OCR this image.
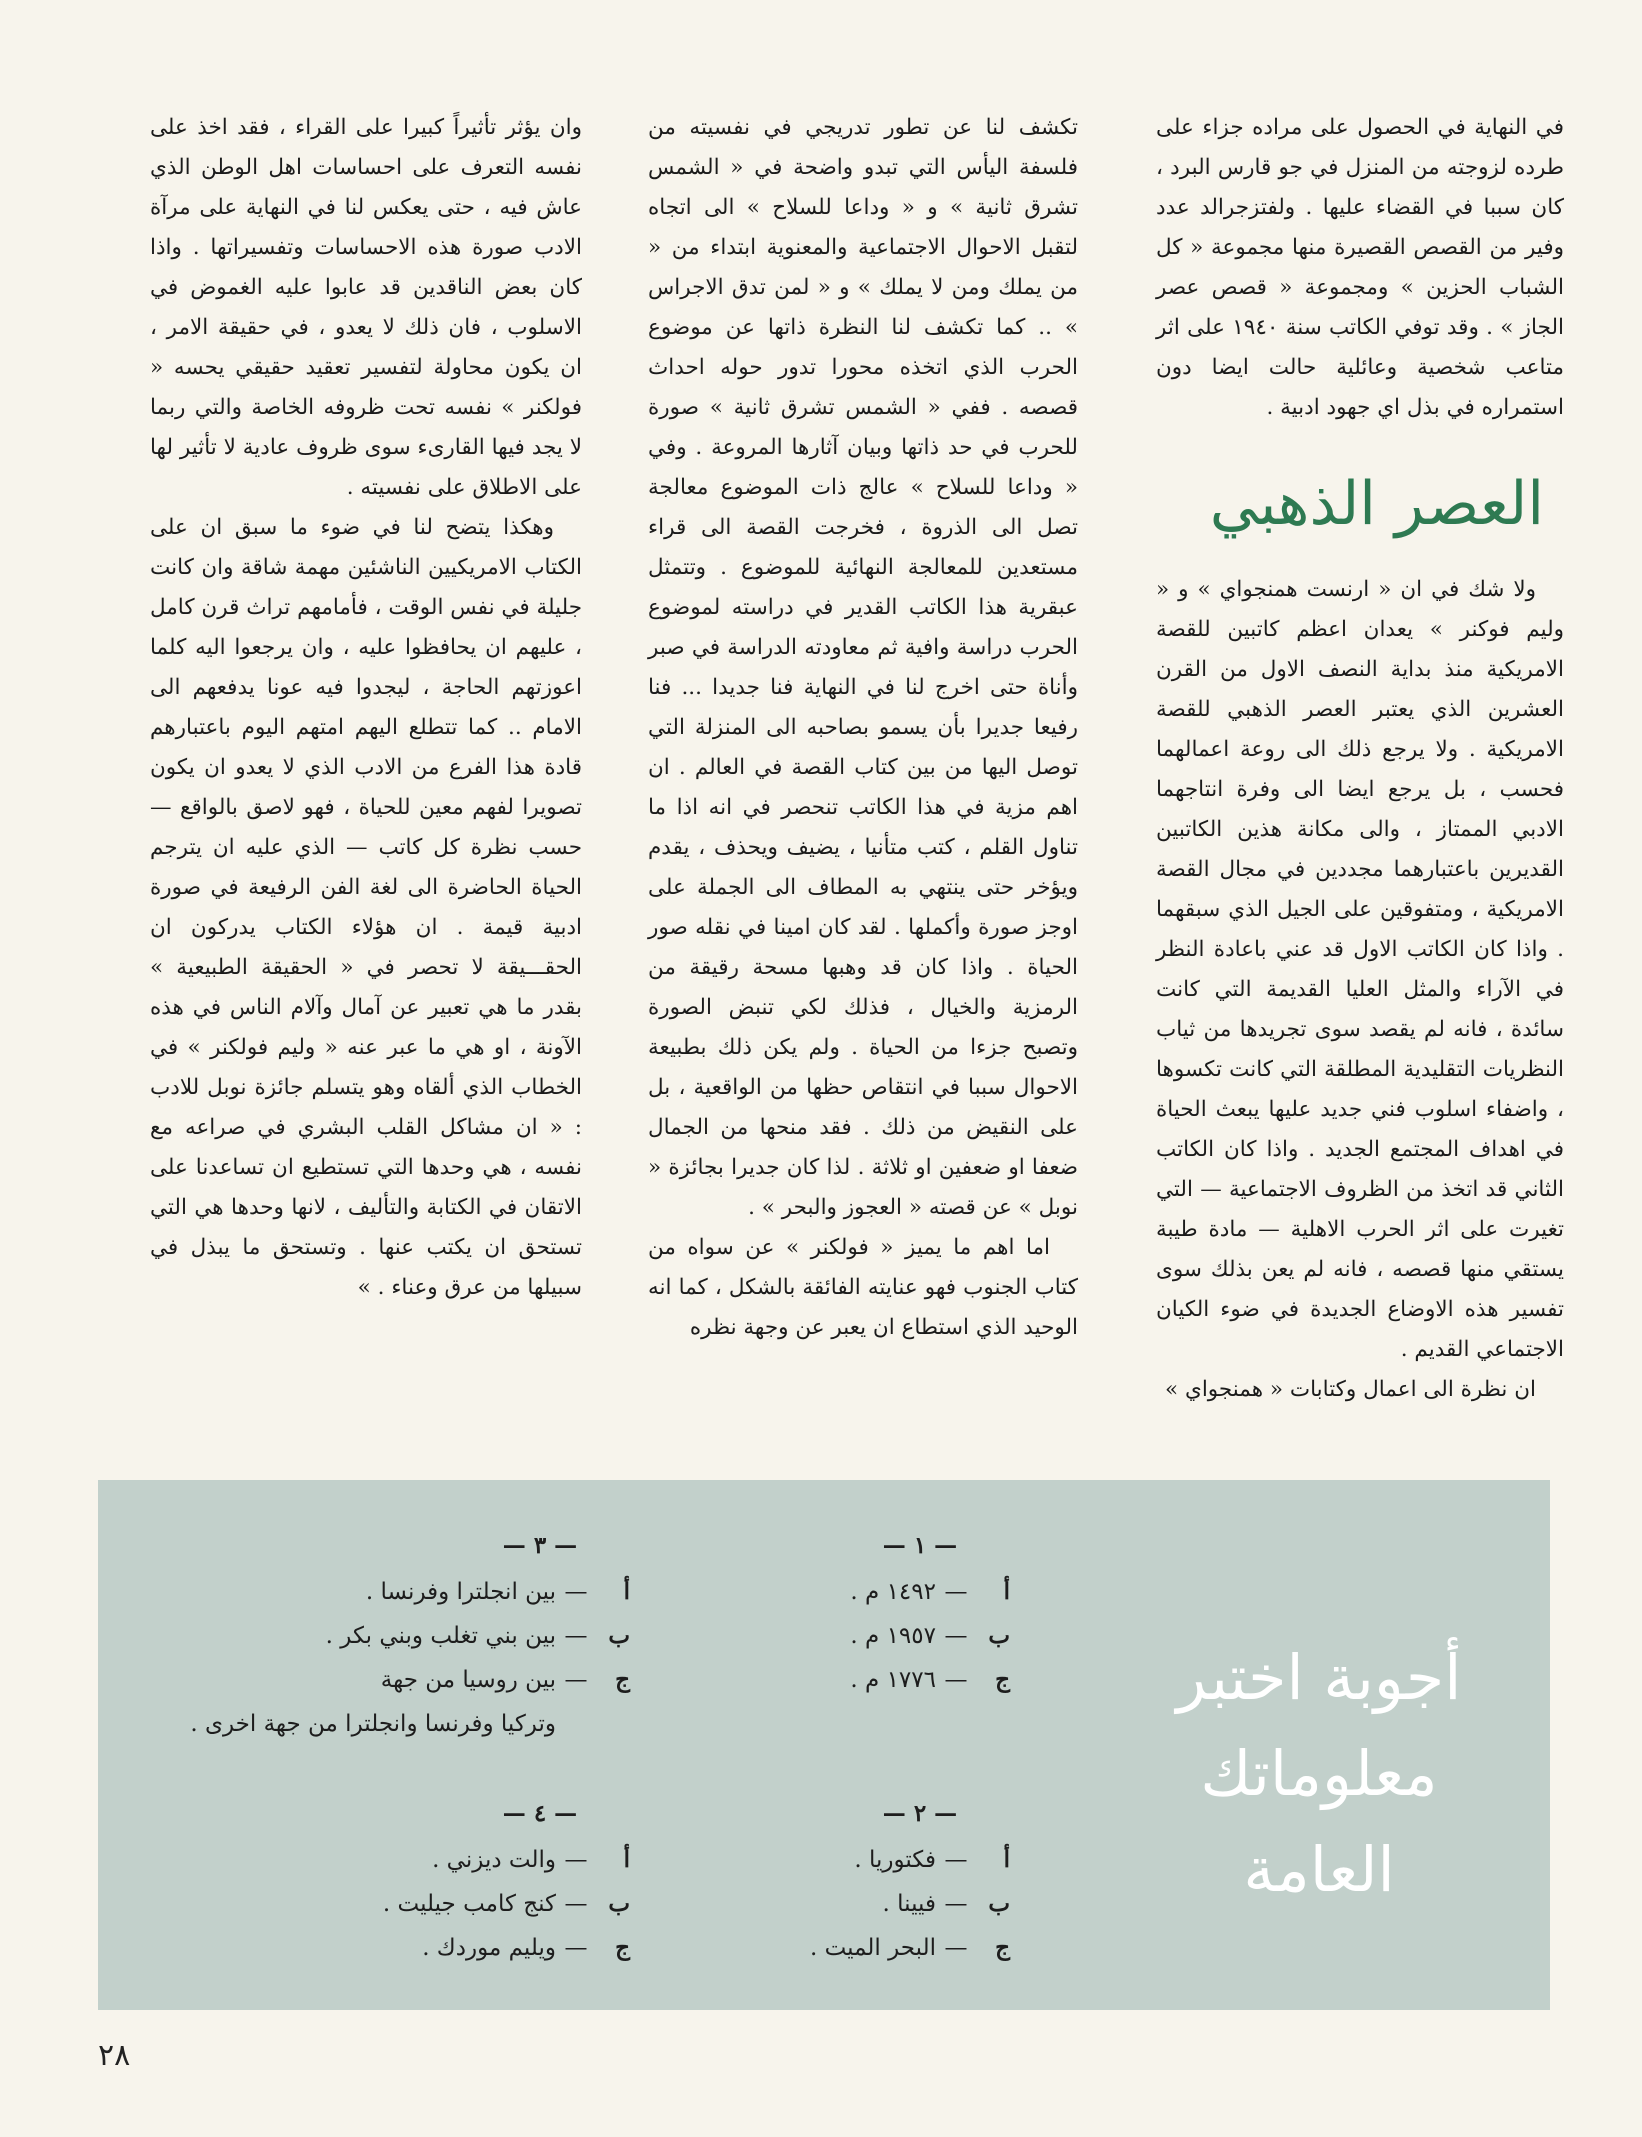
في النهاية في الحصول على مراده جزاء على طرده لزوجته من المنزل في جو قارس البرد ، كان سببا في القضاء عليها . ولفتزجرالد عدد وفير من القصص القصيرة منها مجموعة « كل الشباب الحزين » ومجموعة « قصص عصر الجاز » . وقد توفي الكاتب سنة ١٩٤٠ على اثر متاعب شخصية وعائلية حالت ايضا دون استمراره في بذل اي جهود ادبية .

العصر الذهبي

ولا شك في ان « ارنست همنجواي » و « وليم فوكنر » يعدان اعظم كاتبين للقصة الامريكية منذ بداية النصف الاول من القرن العشرين الذي يعتبر العصر الذهبي للقصة الامريكية . ولا يرجع ذلك الى روعة اعمالهما فحسب ، بل يرجع ايضا الى وفرة انتاجهما الادبي الممتاز ، والى مكانة هذين الكاتبين القديرين باعتبارهما مجددين في مجال القصة الامريكية ، ومتفوقين على الجيل الذي سبقهما . واذا كان الكاتب الاول قد عني باعادة النظر في الآراء والمثل العليا القديمة التي كانت سائدة ، فانه لم يقصد سوى تجريدها من ثياب النظريات التقليدية المطلقة التي كانت تكسوها ، واضفاء اسلوب فني جديد عليها يبعث الحياة في اهداف المجتمع الجديد . واذا كان الكاتب الثاني قد اتخذ من الظروف الاجتماعية — التي تغيرت على اثر الحرب الاهلية — مادة طيبة يستقي منها قصصه ، فانه لم يعن بذلك سوى تفسير هذه الاوضاع الجديدة في ضوء الكيان الاجتماعي القديم .

ان نظرة الى اعمال وكتابات « همنجواي »

تكشف لنا عن تطور تدريجي في نفسيته من فلسفة اليأس التي تبدو واضحة في « الشمس تشرق ثانية » و « وداعا للسلاح » الى اتجاه لتقبل الاحوال الاجتماعية والمعنوية ابتداء من « من يملك ومن لا يملك » و « لمن تدق الاجراس » .. كما تكشف لنا النظرة ذاتها عن موضوع الحرب الذي اتخذه محورا تدور حوله احداث قصصه . ففي « الشمس تشرق ثانية » صورة للحرب في حد ذاتها وبيان آثارها المروعة . وفي « وداعا للسلاح » عالج ذات الموضوع معالجة تصل الى الذروة ، فخرجت القصة الى قراء مستعدين للمعالجة النهائية للموضوع . وتتمثل عبقرية هذا الكاتب القدير في دراسته لموضوع الحرب دراسة وافية ثم معاودته الدراسة في صبر وأناة حتى اخرج لنا في النهاية فنا جديدا ... فنا رفيعا جديرا بأن يسمو بصاحبه الى المنزلة التي توصل اليها من بين كتاب القصة في العالم . ان اهم مزية في هذا الكاتب تنحصر في انه اذا ما تناول القلم ، كتب متأنيا ، يضيف ويحذف ، يقدم ويؤخر حتى ينتهي به المطاف الى الجملة على اوجز صورة وأكملها . لقد كان امينا في نقله صور الحياة . واذا كان قد وهبها مسحة رقيقة من الرمزية والخيال ، فذلك لكي تنبض الصورة وتصبح جزءا من الحياة . ولم يكن ذلك بطبيعة الاحوال سببا في انتقاص حظها من الواقعية ، بل على النقيض من ذلك . فقد منحها من الجمال ضعفا او ضعفين او ثلاثة . لذا كان جديرا بجائزة « نوبل » عن قصته « العجوز والبحر » .

اما اهم ما يميز « فولكنر » عن سواه من كتاب الجنوب فهو عنايته الفائقة بالشكل ، كما انه الوحيد الذي استطاع ان يعبر عن وجهة نظره

وان يؤثر تأثيراً كبيرا على القراء ، فقد اخذ على نفسه التعرف على احساسات اهل الوطن الذي عاش فيه ، حتى يعكس لنا في النهاية على مرآة الادب صورة هذه الاحساسات وتفسيراتها . واذا كان بعض الناقدين قد عابوا عليه الغموض في الاسلوب ، فان ذلك لا يعدو ، في حقيقة الامر ، ان يكون محاولة لتفسير تعقيد حقيقي يحسه « فولكنر » نفسه تحت ظروفه الخاصة والتي ربما لا يجد فيها القارىء سوى ظروف عادية لا تأثير لها على الاطلاق على نفسيته .

وهكذا يتضح لنا في ضوء ما سبق ان على الكتاب الامريكيين الناشئين مهمة شاقة وان كانت جليلة في نفس الوقت ، فأمامهم تراث قرن كامل ، عليهم ان يحافظوا عليه ، وان يرجعوا اليه كلما اعوزتهم الحاجة ، ليجدوا فيه عونا يدفعهم الى الامام .. كما تتطلع اليهم امتهم اليوم باعتبارهم قادة هذا الفرع من الادب الذي لا يعدو ان يكون تصويرا لفهم معين للحياة ، فهو لاصق بالواقع — حسب نظرة كل كاتب — الذي عليه ان يترجم الحياة الحاضرة الى لغة الفن الرفيعة في صورة ادبية قيمة . ان هؤلاء الكتاب يدركون ان الحقـــيقة لا تحصر في « الحقيقة الطبيعية » بقدر ما هي تعبير عن آمال وآلام الناس في هذه الآونة ، او هي ما عبر عنه « وليم فولكنر » في الخطاب الذي ألقاه وهو يتسلم جائزة نوبل للادب : « ان مشاكل القلب البشري في صراعه مع نفسه ، هي وحدها التي تستطيع ان تساعدنا على الاتقان في الكتابة والتأليف ، لانها وحدها هي التي تستحق ان يكتب عنها . وتستحق ما يبذل في سبيلها من عرق وعناء . »

أجوبة اختبر
معلوماتك
العامة
— ١ —
أ
—
١٤٩٢ م .
ب
—
١٩٥٧ م .
ج
—
١٧٧٦ م .
— ٢ —
أ
—
فكتوريا .
ب
—
فيينا .
ج
—
البحر الميت .
— ٣ —
أ
—
بين انجلترا وفرنسا .
ب
—
بين بني تغلب وبني بكر .
ج
—
بين روسيا من جهة
وتركيا وفرنسا وانجلترا من جهة اخرى .
— ٤ —
أ
—
والت ديزني .
ب
—
كنج كامب جيليت .
ج
—
ويليم موردك .
٢٨
